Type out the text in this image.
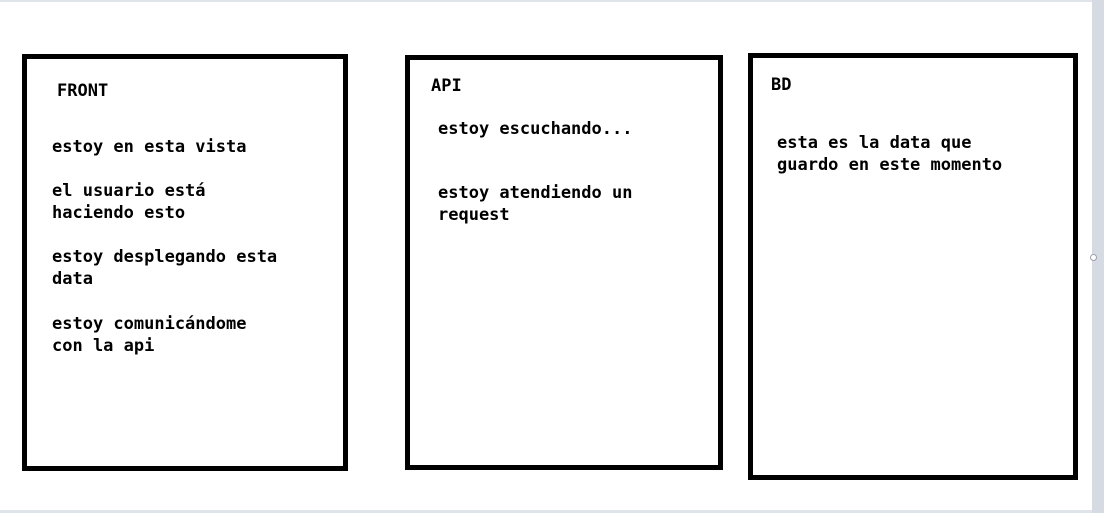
FRONT
estoy en esta vista
el usuario está
haciendo esto
estoy desplegando esta
data
estoy comunicándome
con la api
API
estoy escuchando...
estoy atendiendo un
request
BD
esta es la data que
guardo en este momento
